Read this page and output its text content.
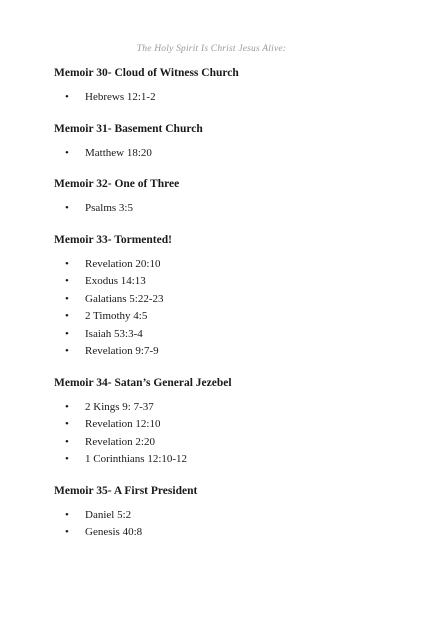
The Holy Spirit Is Christ Jesus Alive:
Memoir 30- Cloud of Witness Church
• Hebrews 12:1-2
Memoir 31- Basement Church
• Matthew 18:20
Memoir 32- One of Three
• Psalms 3:5
Memoir 33- Tormented!
• Revelation 20:10
• Exodus 14:13
• Galatians 5:22-23
• 2 Timothy 4:5
• Isaiah 53:3-4
• Revelation 9:7-9
Memoir 34- Satan’s General Jezebel
• 2 Kings 9: 7-37
• Revelation 12:10
• Revelation 2:20
• 1 Corinthians 12:10-12
Memoir 35- A First President
• Daniel 5:2
• Genesis 40:8
